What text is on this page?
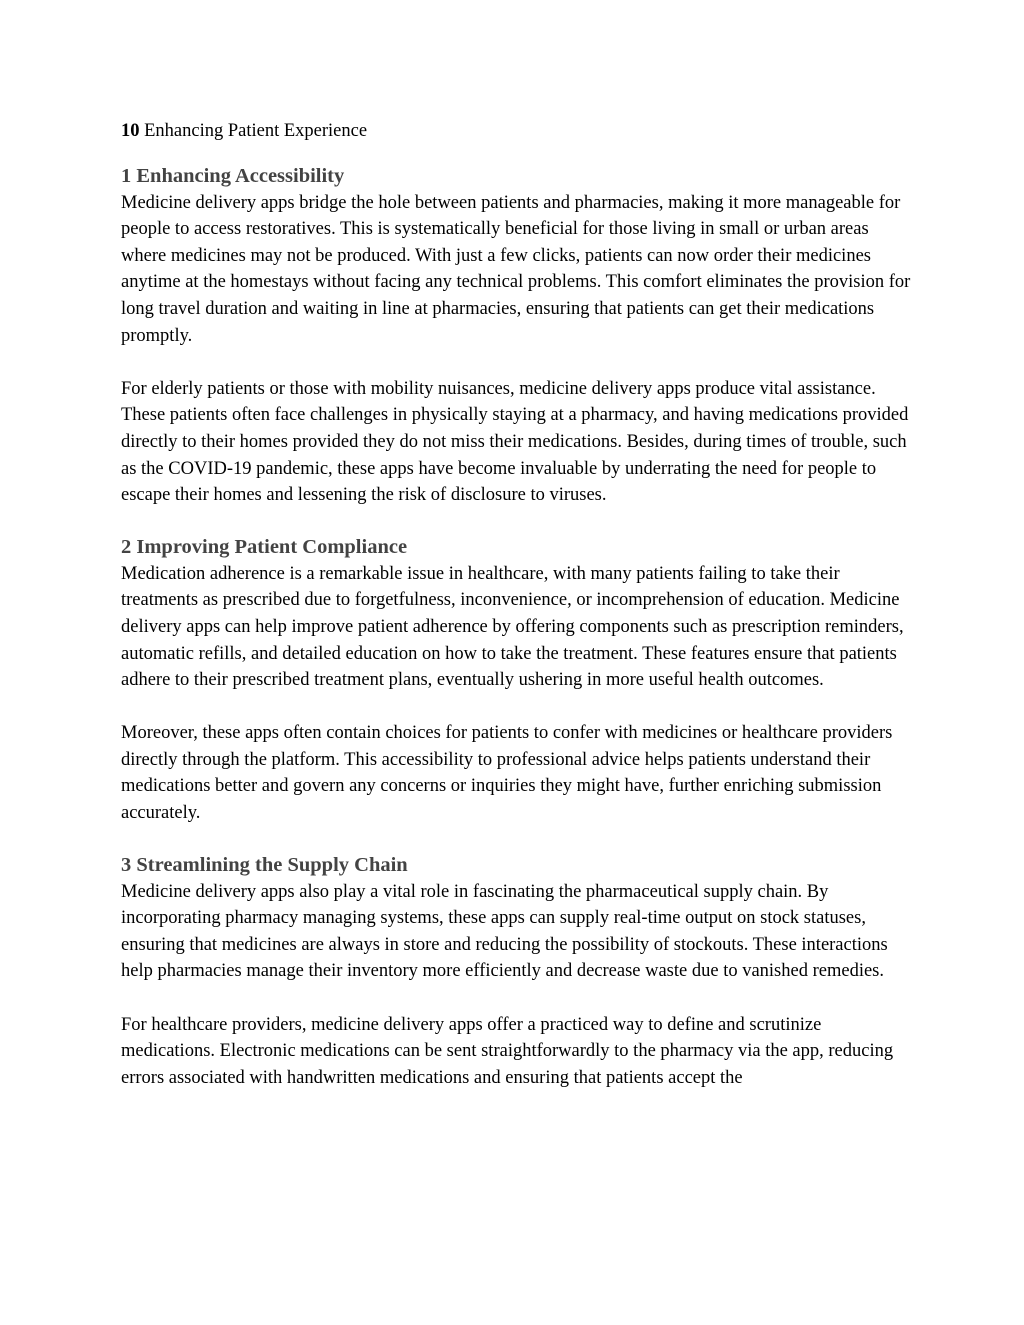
10 Enhancing Patient Experience

1 Enhancing Accessibility

Medicine delivery apps bridge the hole between patients and pharmacies, making it more manageable for people to access restoratives. This is systematically beneficial for those living in small or urban areas where medicines may not be produced. With just a few clicks, patients can now order their medicines anytime at the homestays without facing any technical problems. This comfort eliminates the provision for long travel duration and waiting in line at pharmacies, ensuring that patients can get their medications promptly.

For elderly patients or those with mobility nuisances, medicine delivery apps produce vital assistance. These patients often face challenges in physically staying at a pharmacy, and having medications provided directly to their homes provided they do not miss their medications. Besides, during times of trouble, such as the COVID-19 pandemic, these apps have become invaluable by underrating the need for people to escape their homes and lessening the risk of disclosure to viruses.

2 Improving Patient Compliance

Medication adherence is a remarkable issue in healthcare, with many patients failing to take their treatments as prescribed due to forgetfulness, inconvenience, or incomprehension of education. Medicine delivery apps can help improve patient adherence by offering components such as prescription reminders, automatic refills, and detailed education on how to take the treatment. These features ensure that patients adhere to their prescribed treatment plans, eventually ushering in more useful health outcomes.

Moreover, these apps often contain choices for patients to confer with medicines or healthcare providers directly through the platform. This accessibility to professional advice helps patients understand their medications better and govern any concerns or inquiries they might have, further enriching submission accurately.

3 Streamlining the Supply Chain

Medicine delivery apps also play a vital role in fascinating the pharmaceutical supply chain. By incorporating pharmacy managing systems, these apps can supply real-time output on stock statuses, ensuring that medicines are always in store and reducing the possibility of stockouts. These interactions help pharmacies manage their inventory more efficiently and decrease waste due to vanished remedies.

For healthcare providers, medicine delivery apps offer a practiced way to define and scrutinize medications. Electronic medications can be sent straightforwardly to the pharmacy via the app, reducing errors associated with handwritten medications and ensuring that patients accept the
